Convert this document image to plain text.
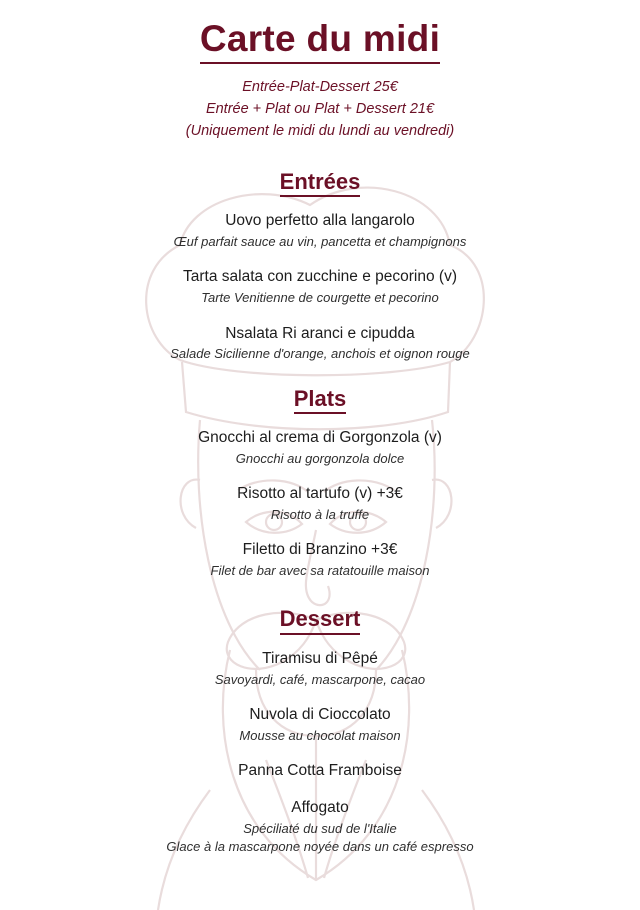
Carte du midi
Entrée-Plat-Dessert 25€
Entrée + Plat ou Plat + Dessert 21€
(Uniquement le midi du lundi au vendredi)
Entrées
Uovo perfetto alla langarolo
Œuf parfait sauce au vin, pancetta et champignons
Tarta salata con zucchine e pecorino (v)
Tarte Venitienne de courgette et pecorino
Nsalata Ri aranci e cipudda
Salade Sicilienne d'orange, anchois et oignon rouge
Plats
Gnocchi al crema di Gorgonzola (v)
Gnocchi au gorgonzola dolce
Risotto al tartufo (v) +3€
Risotto à la truffe
Filetto di Branzino +3€
Filet de bar avec sa ratatouille maison
Dessert
Tiramisu di Pêpé
Savoyardi, café, mascarpone, cacao
Nuvola di Cioccolato
Mousse au chocolat maison
Panna Cotta Framboise
Affogato
Spéciliaté du sud de l'Italie
Glace à la mascarpone noyée dans un café espresso
